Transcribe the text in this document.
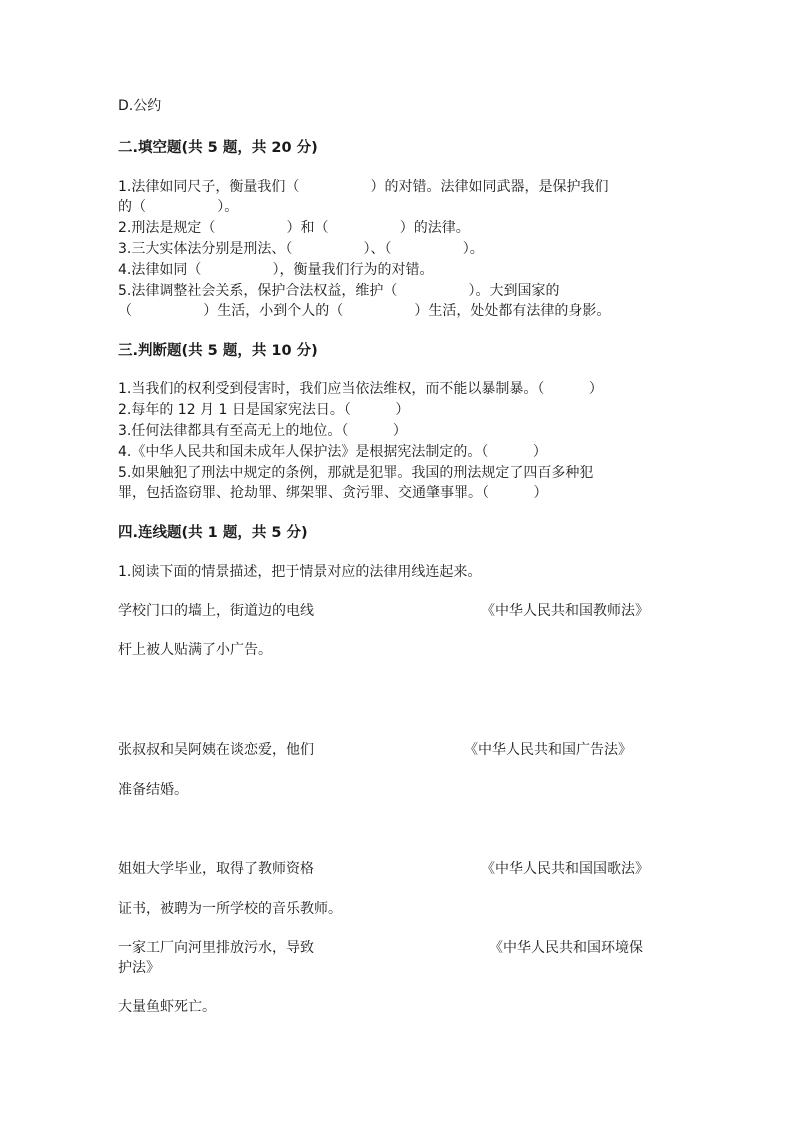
D.公约
二.填空题(共 5 题，共 20 分)
1.法律如同尺子，衡量我们（                ）的对错。法律如同武器，是保护我们
的（                ）。
2.刑法是规定（                ）和（                ）的法律。
3.三大实体法分别是刑法、（                ）、（                ）。
4.法律如同（                ），衡量我们行为的对错。
5.法律调整社会关系，保护合法权益，维护（                ）。大到国家的
（                ）生活，小到个人的（                ）生活，处处都有法律的身影。
三.判断题(共 5 题，共 10 分)
1.当我们的权利受到侵害时，我们应当依法维权，而不能以暴制暴。（          ）
2.每年的 12 月 1 日是国家宪法日。（          ）
3.任何法律都具有至高无上的地位。（          ）
4.《中华人民共和国未成年人保护法》是根据宪法制定的。（          ）
5.如果触犯了刑法中规定的条例，那就是犯罪。我国的刑法规定了四百多种犯
罪，包括盗窃罪、抢劫罪、绑架罪、贪污罪、交通肇事罪。（          ）
四.连线题(共 1 题，共 5 分)
1.阅读下面的情景描述，把于情景对应的法律用线连起来。
学校门口的墙上，街道边的电线	《中华人民共和国教师法》
杆上被人贴满了小广告。
张叔叔和吴阿姨在谈恋爱，他们	《中华人民共和国广告法》
准备结婚。
姐姐大学毕业，取得了教师资格	《中华人民共和国国歌法》
证书，被聘为一所学校的音乐教师。
一家工厂向河里排放污水，导致	《中华人民共和国环境保
护法》
大量鱼虾死亡。
